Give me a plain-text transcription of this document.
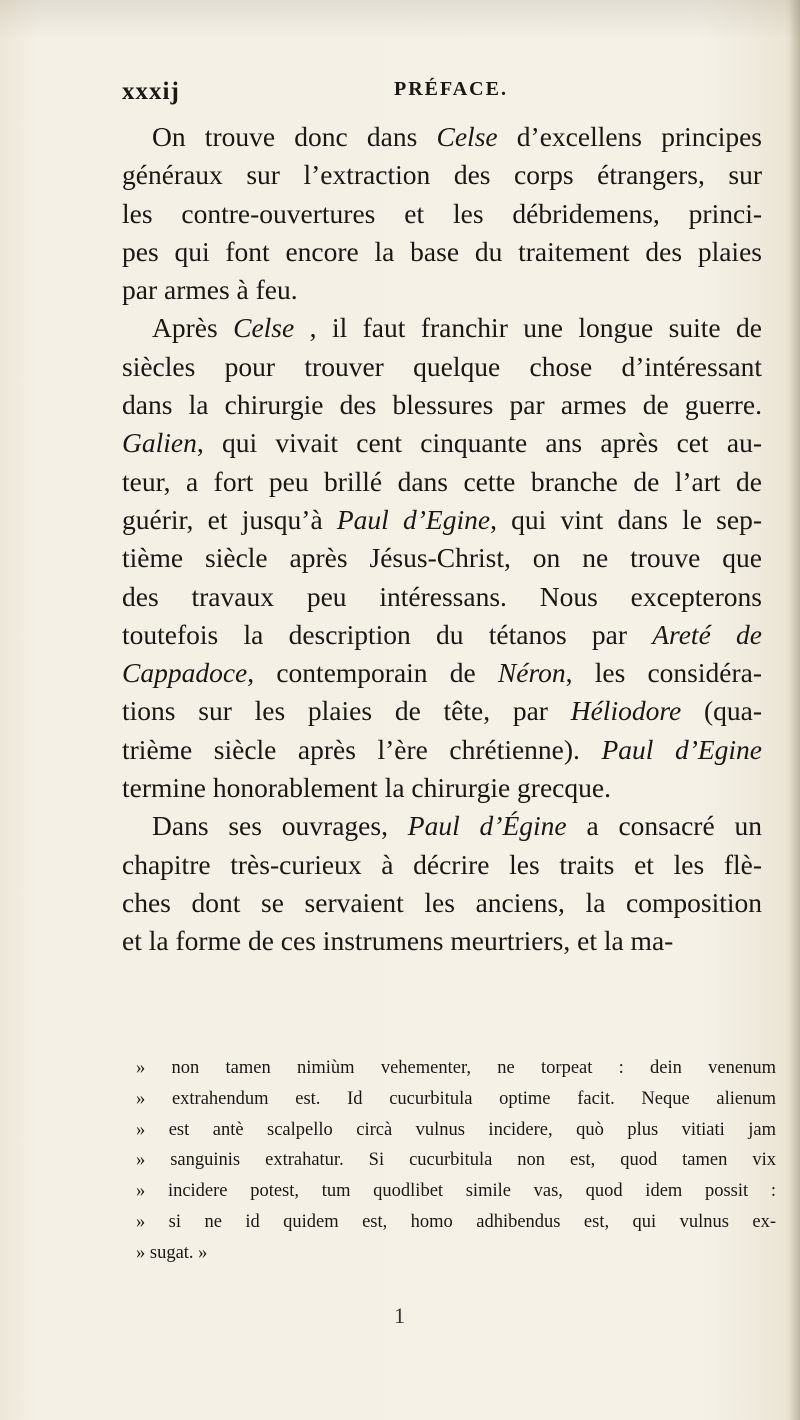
xxxij	PRÉFACE.
On trouve donc dans Celse d’excellens principes
généraux sur l’extraction des corps étrangers, sur
les contre-ouvertures et les débridemens, princi-
pes qui font encore la base du traitement des plaies
par armes à feu.
Après Celse , il faut franchir une longue suite de
siècles pour trouver quelque chose d’intéressant
dans la chirurgie des blessures par armes de guerre.
Galien, qui vivait cent cinquante ans après cet au-
teur, a fort peu brillé dans cette branche de l’art de
guérir, et jusqu’à Paul d’Egine, qui vint dans le sep-
tième siècle après Jésus-Christ, on ne trouve que
des travaux peu intéressans. Nous excepterons
toutefois la description du tétanos par Areté de
Cappadoce, contemporain de Néron, les considéra-
tions sur les plaies de tête, par Héliodore (qua-
trième siècle après l’ère chrétienne). Paul d’Egine
termine honorablement la chirurgie grecque.
Dans ses ouvrages, Paul d’Égine a consacré un
chapitre très-curieux à décrire les traits et les flè-
ches dont se servaient les anciens, la composition
et la forme de ces instrumens meurtriers, et la ma-
» non tamen nimiùm vehementer, ne torpeat : dein venenum
» extrahendum est. Id cucurbitula optime facit. Neque alienum
» est antè scalpello circà vulnus incidere, quò plus vitiati jam
» sanguinis extrahatur. Si cucurbitula non est, quod tamen vix
» incidere potest, tum quodlibet simile vas, quod idem possit :
» si ne id quidem est, homo adhibendus est, qui vulnus ex-
» sugat. »
1
